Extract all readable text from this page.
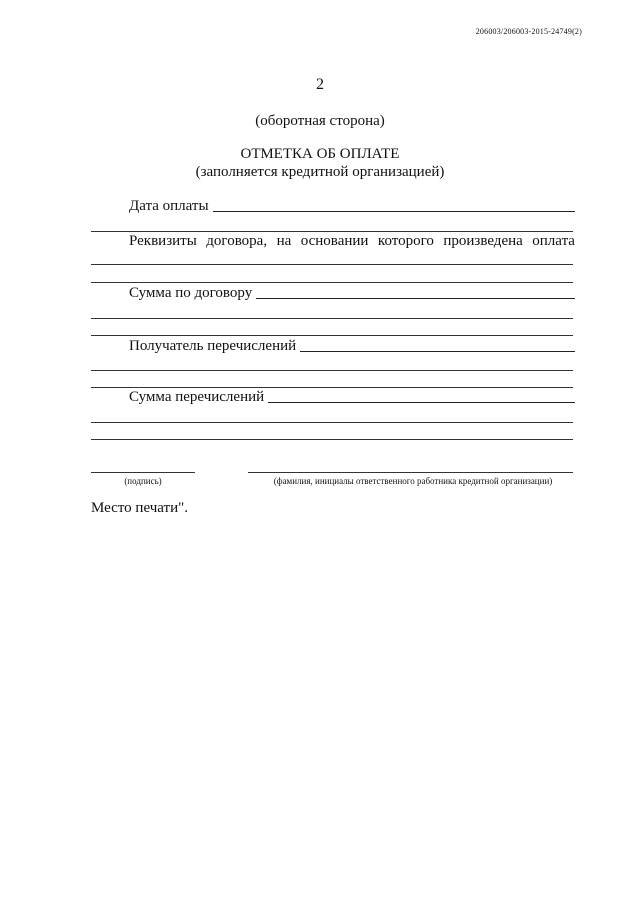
206003/206003-2015-24749(2)
2
(оборотная сторона)
ОТМЕТКА ОБ ОПЛАТЕ
(заполняется кредитной организацией)
Дата оплаты
Реквизиты договора, на основании которого произведена оплата
Сумма по договору
Получатель перечислений
Сумма перечислений
(подпись)	(фамилия, инициалы ответственного работника кредитной организации)
Место печати".
